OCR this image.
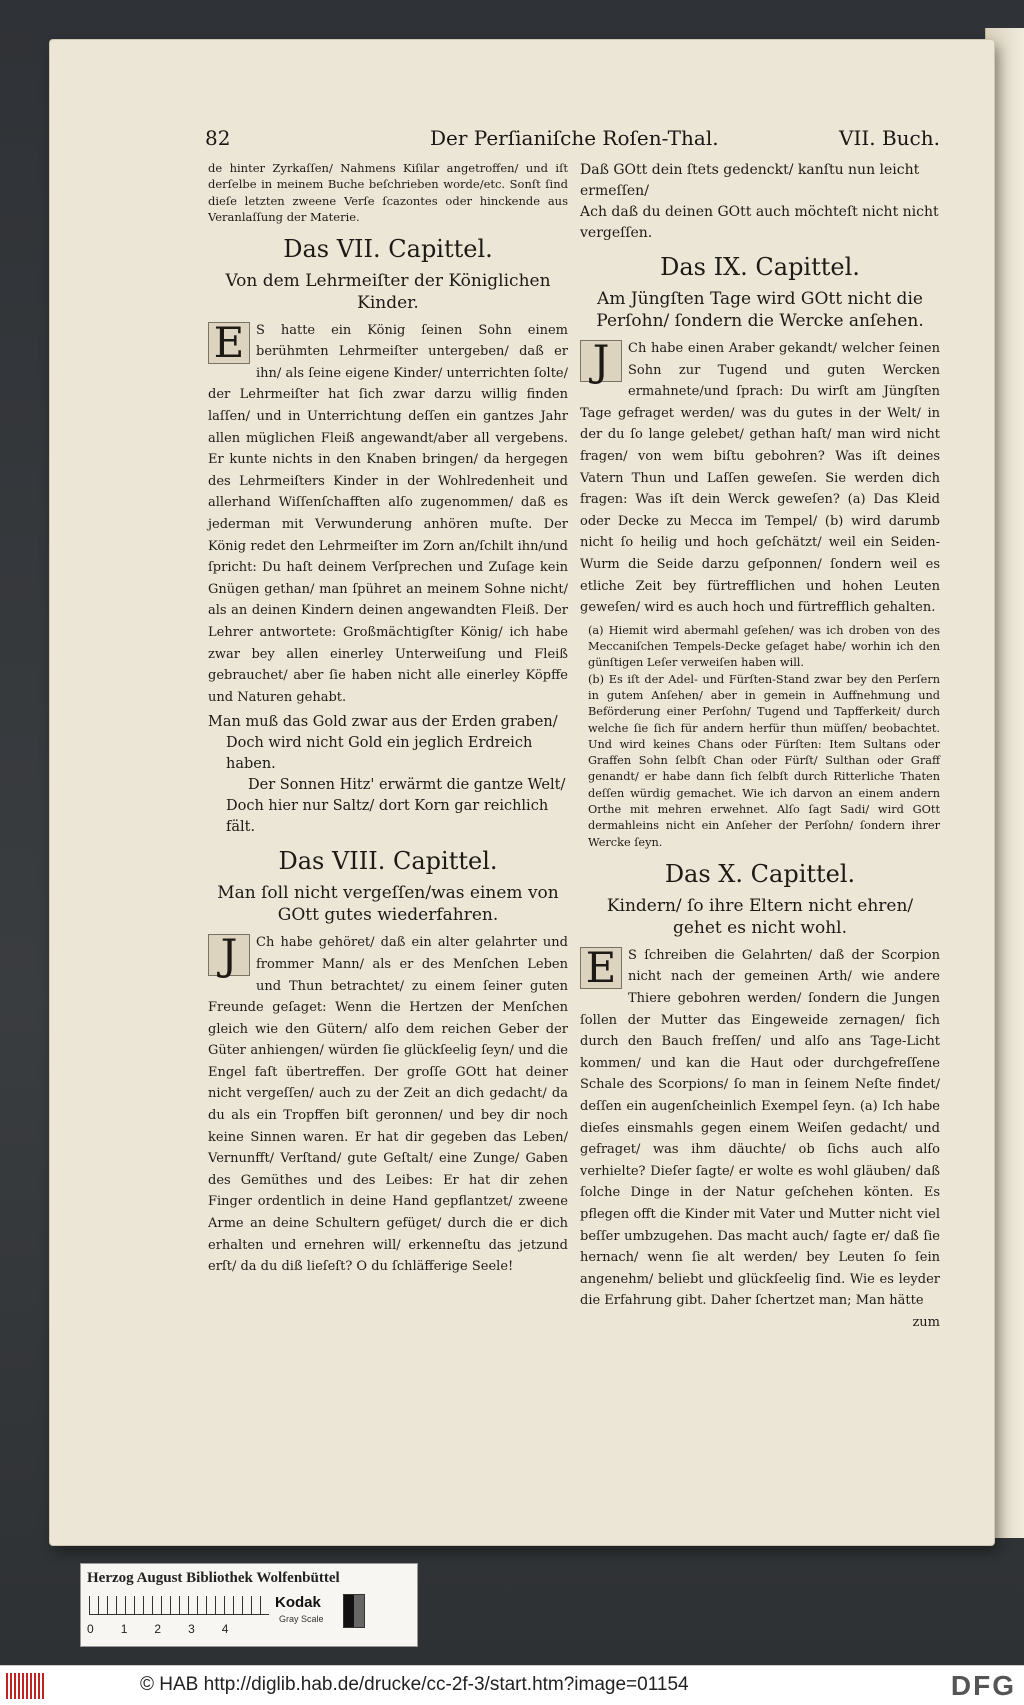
82	Der Perſianiſche Roſen-Thal.	VII. Buch.

de hinter Zyrkaſſen/ Nahmens Kiſilar angetroffen/ und iſt derſelbe in meinem Buche beſchrieben worde/etc. Sonſt ſind dieſe letzten zweene Verſe ſcazontes oder hinckende aus Veranlaſſung der Materie.

Das VII. Capittel.
Von dem Lehrmeiſter der Königlichen Kinder.
E S hatte ein König ſeinen Sohn einem berühmten Lehrmeiſter untergeben/ daß er ihn/ als ſeine eigene Kinder/ unterrichten ſolte/ der Lehrmeiſter hat ſich zwar darzu willig finden laſſen/ und in Unterrichtung deſſen ein gantzes Jahr allen müglichen Fleiß angewandt/aber all vergebens. Er kunte nichts in den Knaben bringen/ da hergegen des Lehrmeiſters Kinder in der Wohlredenheit und allerhand Wiſſenſchafften alſo zugenommen/ daß es jederman mit Verwunderung anhören muſte. Der König redet den Lehrmeiſter im Zorn an/ſchilt ihn/und ſpricht: Du haſt deinem Verſprechen und Zuſage kein Gnügen gethan/ man ſpühret an meinem Sohne nicht/ als an deinen Kindern deinen angewandten Fleiß. Der Lehrer antwortete: Großmächtigſter König/ ich habe zwar bey allen einerley Unterweiſung und Fleiß gebrauchet/ aber ſie haben nicht alle einerley Köpffe und Naturen gehabt.

Man muß das Gold zwar aus der Erden graben/

Doch wird nicht Gold ein jeglich Erdreich haben.

Der Sonnen Hitz' erwärmt die gantze Welt/

Doch hier nur Saltz/ dort Korn gar reichlich fält.

Das VIII. Capittel.
Man ſoll nicht vergeſſen/was einem von GOtt gutes wiederfahren.
J	Ch habe gehöret/ daß ein alter gelahrter und frommer Mann/ als er des Menſchen Leben und Thun betrachtet/ zu einem ſeiner guten Freunde geſaget: Wenn die Hertzen der Menſchen gleich wie den Gütern/ alſo dem reichen Geber der Güter anhiengen/ würden ſie glückſeelig ſeyn/ und die Engel faſt übertreffen. Der groſſe GOtt hat deiner nicht vergeſſen/ auch zu der Zeit an dich gedacht/ da du als ein Tropffen biſt geronnen/ und bey dir noch keine Sinnen waren. Er hat dir gegeben das Leben/ Vernunfft/ Verſtand/ gute Geſtalt/ eine Zunge/ Gaben des Gemüthes und des Leibes: Er hat dir zehen Finger ordentlich in deine Hand gepflantzet/ zweene Arme an deine Schultern gefüget/ durch die er dich erhalten und ernehren will/ erkenneſtu das jetzund erſt/ da du diß lieſeſt? O du ſchläfferige Seele!

Daß GOtt dein ſtets gedenckt/ kanſtu nun leicht ermeſſen/

Ach daß du deinen GOtt auch möchteſt nicht nicht vergeſſen.

Das IX. Capittel.
Am Jüngſten Tage wird GOtt nicht die Perſohn/ ſondern die Wercke anſehen.
J	Ch habe einen Araber gekandt/ welcher ſeinen Sohn zur Tugend und guten Wercken ermahnete/und ſprach: Du wirſt am Jüngſten Tage gefraget werden/ was du gutes in der Welt/ in der du ſo lange gelebet/ gethan haſt/ man wird nicht fragen/ von wem biſtu gebohren? Was iſt deines Vatern Thun und Laſſen geweſen. Sie werden dich fragen: Was iſt dein Werck geweſen? (a) Das Kleid oder Decke zu Mecca im Tempel/ (b) wird darumb nicht ſo heilig und hoch geſchätzt/ weil ein Seiden-Wurm die Seide darzu geſponnen/ ſondern weil es etliche Zeit bey fürtrefflichen und hohen Leuten geweſen/ wird es auch hoch und fürtrefflich gehalten.

(a) Hiemit wird abermahl geſehen/ was ich droben von des Meccaniſchen Tempels-Decke geſaget habe/ worhin ich den günſtigen Leſer verweiſen haben will.

(b) Es iſt der Adel- und Fürſten-Stand zwar bey den Perſern in gutem Anſehen/ aber in gemein in Auffnehmung und Beförderung einer Perſohn/ Tugend und Tapfferkeit/ durch welche ſie ſich für andern herfür thun müſſen/ beobachtet. Und wird keines Chans oder Fürſten: Item Sultans oder Graffen Sohn ſelbſt Chan oder Fürſt/ Sulthan oder Graff genandt/ er habe dann ſich ſelbſt durch Ritterliche Thaten deſſen würdig gemachet. Wie ich darvon an einem andern Orthe mit mehren erwehnet. Alſo ſagt Sadi/ wird GOtt dermahleins nicht ein Anſeher der Perſohn/ ſondern ihrer Wercke ſeyn.

Das X. Capittel.
Kindern/ ſo ihre Eltern nicht ehren/ gehet es nicht wohl.
E S ſchreiben die Gelahrten/ daß der Scorpion nicht nach der gemeinen Arth/ wie andere Thiere gebohren werden/ ſondern die Jungen ſollen der Mutter das Eingeweide zernagen/ ſich durch den Bauch freſſen/ und alſo ans Tage-Licht kommen/ und kan die Haut oder durchgefreſſene Schale des Scorpions/ ſo man in ſeinem Neſte findet/ deſſen ein augenſcheinlich Exempel ſeyn. (a) Ich habe dieſes einsmahls gegen einem Weiſen gedacht/ und gefraget/ was ihm däuchte/ ob ſichs auch alſo verhielte? Dieſer ſagte/ er wolte es wohl gläuben/ daß ſolche Dinge in der Natur geſchehen könten. Es pflegen offt die Kinder mit Vater und Mutter nicht viel beſſer umbzugehen. Das macht auch/ ſagte er/ daß ſie hernach/ wenn ſie alt werden/ bey Leuten ſo ſein angenehm/ beliebt und glückſeelig ſind. Wie es leyder die Erfahrung gibt. Daher ſchertzet man; Man hätte

zum

Herzog August Bibliothek Wolfenbüttel
0 1 2 3 4
Kodak
Gray Scale
© HAB http://diglib.hab.de/drucke/cc-2f-3/start.htm?image=01154	DFG
